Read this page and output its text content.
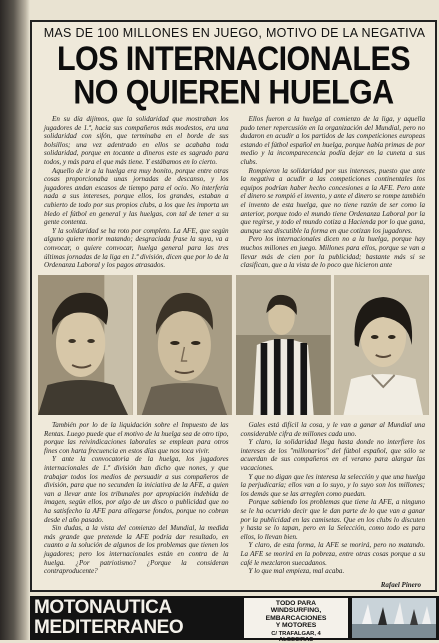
MAS DE 100 MILLONES EN JUEGO, MOTIVO DE LA NEGATIVA
LOS INTERNACIONALES
NO QUIEREN HUELGA

En su día dijimos, que la solidaridad que mostraban los jugadores de 1.ª, hacia sus compañeros más modestos, era una solidaridad con sifón, que terminaba en el borde de sus bolsillos; una vez adentrado en ellos se acababa toda solidaridad, porque en tocante a dineros este es sagrado para todos, y más para el que más tiene. Y estábamos en lo cierto.

Aquello de ir a la huelga era muy bonito, porque entre otras cosas proporcionaba unas jornadas de descanso, y los jugadores andan escasos de tiempo para el ocio. No interfería nada a sus intereses, porque ellos, los grandes, estaban a cubierto de todo por sus propios clubs, a los que les importa un bledo el fútbol en general y las huelgas, con tal de tener a su gente contenta.

Y la solidaridad se ha roto por completo. La AFE, que según alguno quiere morir matando; desgraciada frase la suya, va a convocar, o quiere convocar, huelga general para las tres últimas jornadas de la liga en 1.ª división, dicen que por lo de la Ordenanza Laboral y los pagos atrasados.

Ellos fueron a la huelga al comienzo de la liga, y aquella pudo tener repercusión en la organización del Mundial, pero no dudaron en acudir a los partidos de las competiciones europeas estando el fútbol español en huelga, porque había primas de por medio y la incomparecencia podía dejar en la cuneta a sus clubs.

Rompieron la solidaridad por sus intereses, puesto que ante la negativa a acudir a las competiciones continentales los equipos podrían haber hecho concesiones a la AFE. Pero ante el dinero se rompió el invento, y ante el dinero se rompe también el invento de esta huelga, que no tiene razón de ser como la anterior, porque todo el mundo tiene Ordenanza Laboral por la que regirse, y todo el mundo cotiza a Hacienda por lo que gana, aunque sea discutible la forma en que cotizan los jugadores.

Pero los internacionales dicen no a la huelga, porque hay muchos millones en juego. Millones para ellos, porque se van a llevar más de cien por la publicidad; bastante más si se clasifican, que a la vista de lo poco que hicieron ante

También por lo de la liquidación sobre el Impuesto de las Rentas. Luego puede que el motivo de la huelga sea de otro tipo, porque las reivindicaciones laborales se emplean para otros fines con harta frecuencia en estos días que nos toca vivir.

Y ante la convocatoria de la huelga, los jugadores internacionales de 1.ª división han dicho que nones, y que trabajar todos los medios de persuadir a sus compañeros de división, para que no secunden la iniciativa de la AFE, a quien van a llevar ante los tribunales por apropiación indebida de imagen, según ellos, por algo de un disco o publicidad que no ha satisfecho la AFE para allegarse fondos, porque no cobran desde el año pasado.

Sin dudas, a la vista del comienzo del Mundial, la medida más grande que pretende la AFE podría dar resultado, en cuanto a la solución de algunos de los problemas que tienen los jugadores; pero los internacionales están en contra de la huelga. ¿Por patriotismo? ¿Porque la consideran contraproducente?

Gales está difícil la cosa, y le van a ganar al Mundial una considerable cifra de millones cada uno.

Y claro, la solidaridad llega hasta donde no interfiere los intereses de los "millonarios" del fútbol español, que sólo se acuerdan de sus compañeros en el verano para alargar las vacaciones.

Y que no digan que les interesa la selección y que una huelga la perjudicaría; ellos van a lo suyo, y lo suyo son los millones; los demás que se las arreglen como puedan.

Porque sabiendo los problemas que tiene la AFE, a ninguno se le ha ocurrido decir que le dan parte de lo que van a ganar por la publicidad en las camisetas. Que en los clubs lo discuten y hasta se lo tapan, pero en la Selección, como todo es para ellos, lo llevan bien.

Y claro, de esta forma, la AFE se morirá, pero no matando. La AFE se morirá en la pobreza, entre otras cosas porque a su café le mezclaron suecadanos.

Y lo que mal empieza, mal acaba.

Rafael Pinero
MOTONAUTICA
MEDITERRANEO
TODO PARA
WINDSURFING,
EMBARCACIONES
Y MOTORES
C/ TRAFALGAR, 4
ALGECIRAS
